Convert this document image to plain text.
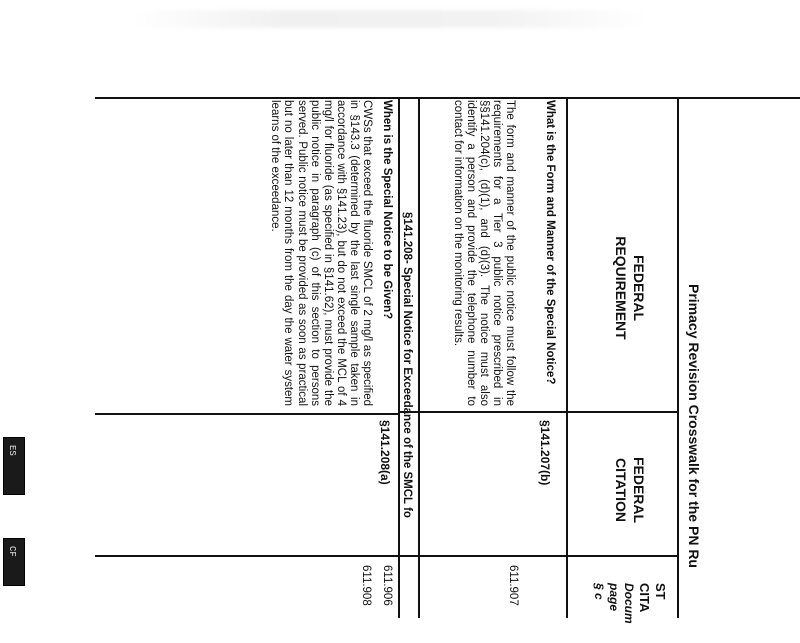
Primacy Revision Crosswalk for the PN Ru
FEDERAL
REQUIREMENT
FEDERAL
CITATION
ST
CITA
Docum
page
§ c
What is the Form and Manner of the Special Notice?
The form and manner of the public notice must follow the requirements for a Tier 3 public notice prescribed in §§141.204(c), (d)(1), and (d)(3). The notice must also identify a person and provide the telephone number to contact for information on the monitoring results.
§141.207(b)
611.907
§141.208- Special Notice for Exceedance of the SMCL fo
When is the Special Notice to be Given?
CWSs that exceed the fluoride SMCL of 2 mg/l as specified in §143.3 (determined by the last single sample taken in accordance with §141.23), but do not exceed the MCL of 4 mg/l for fluoride (as specified in §141.62), must provide the public notice in paragraph (c) of this section to persons served. Public notice must be provided as soon as practical but no later than 12 months from the day the water system learns of the exceedance.
§141.208(a)
611.906
611.908
ES
CF
